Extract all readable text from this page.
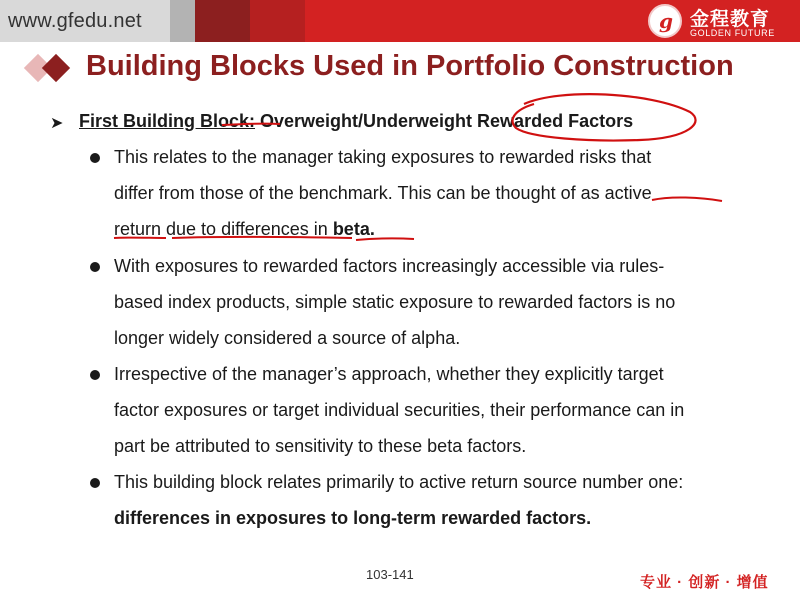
www.gfedu.net	g 金程教育
GOLDEN FUTURE
Building Blocks Used in Portfolio Construction
➤ First Building Block: Overweight/Underweight Rewarded Factors
This relates to the manager taking exposures to rewarded risks that
differ from those of the benchmark. This can be thought of as active
return due to differences in beta.
With exposures to rewarded factors increasingly accessible via rules-
based index products, simple static exposure to rewarded factors is no
longer widely considered a source of alpha.
Irrespective of the manager’s approach, whether they explicitly target
factor exposures or target individual securities, their performance can in
part be attributed to sensitivity to these beta factors.
This building block relates primarily to active return source number one:
differences in exposures to long-term rewarded factors.
103-141	专业 · 创新 · 增值
